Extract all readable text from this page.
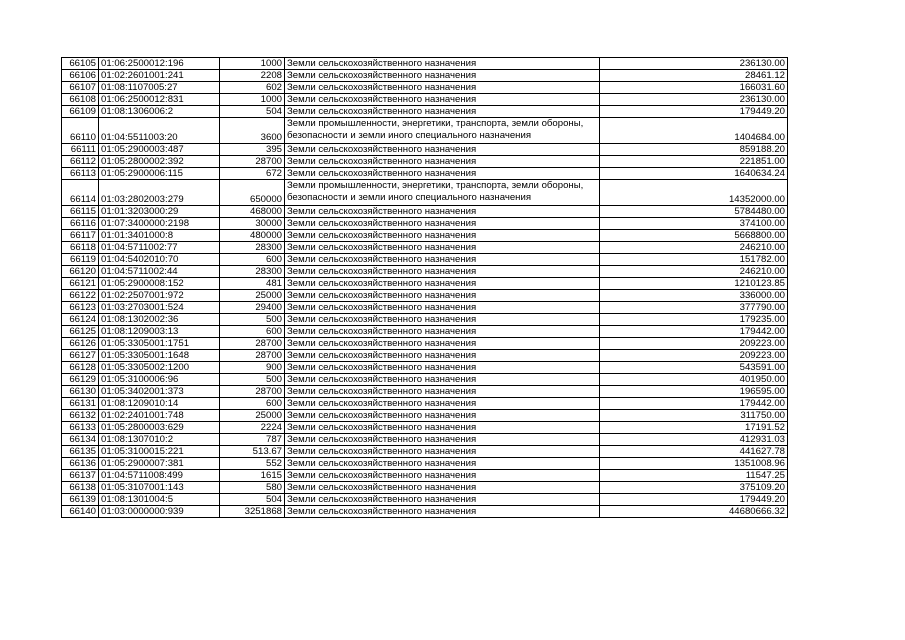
66105	01:06:2500012:196	1000	Земли сельскохозяйственного назначения	236130.00
66106	01:02:2601001:241	2208	Земли сельскохозяйственного назначения	28461.12
66107	01:08:1107005:27	602	Земли сельскохозяйственного назначения	166031.60
66108	01:06:2500012:831	1000	Земли сельскохозяйственного назначения	236130.00
66109	01:08:1306006:2	504	Земли сельскохозяйственного назначения	179449.20
66110	01:04:5511003:20	3600	Земли промышленности, энергетики, транспорта, земли обороны, безопасности и земли иного специального назначения	1404684.00
66111	01:05:2900003:487	395	Земли сельскохозяйственного назначения	859188.20
66112	01:05:2800002:392	28700	Земли сельскохозяйственного назначения	221851.00
66113	01:05:2900006:115	672	Земли сельскохозяйственного назначения	1640634.24
66114	01:03:2802003:279	650000	Земли промышленности, энергетики, транспорта, земли обороны, безопасности и земли иного специального назначения	14352000.00
66115	01:01:3203000:29	468000	Земли сельскохозяйственного назначения	5784480.00
66116	01:07:3400000:2198	30000	Земли сельскохозяйственного назначения	374100.00
66117	01:01:3401000:8	480000	Земли сельскохозяйственного назначения	5668800.00
66118	01:04:5711002:77	28300	Земли сельскохозяйственного назначения	246210.00
66119	01:04:5402010:70	600	Земли сельскохозяйственного назначения	151782.00
66120	01:04:5711002:44	28300	Земли сельскохозяйственного назначения	246210.00
66121	01:05:2900008:152	481	Земли сельскохозяйственного назначения	1210123.85
66122	01:02:2507001:972	25000	Земли сельскохозяйственного назначения	336000.00
66123	01:03:2703001:524	29400	Земли сельскохозяйственного назначения	377790.00
66124	01:08:1302002:36	500	Земли сельскохозяйственного назначения	179235.00
66125	01:08:1209003:13	600	Земли сельскохозяйственного назначения	179442.00
66126	01:05:3305001:1751	28700	Земли сельскохозяйственного назначения	209223.00
66127	01:05:3305001:1648	28700	Земли сельскохозяйственного назначения	209223.00
66128	01:05:3305002:1200	900	Земли сельскохозяйственного назначения	543591.00
66129	01:05:3100006:96	500	Земли сельскохозяйственного назначения	401950.00
66130	01:05:3402001:373	28700	Земли сельскохозяйственного назначения	196595.00
66131	01:08:1209010:14	600	Земли сельскохозяйственного назначения	179442.00
66132	01:02:2401001:748	25000	Земли сельскохозяйственного назначения	311750.00
66133	01:05:2800003:629	2224	Земли сельскохозяйственного назначения	17191.52
66134	01:08:1307010:2	787	Земли сельскохозяйственного назначения	412931.03
66135	01:05:3100015:221	513.67	Земли сельскохозяйственного назначения	441627.78
66136	01:05:2900007:381	552	Земли сельскохозяйственного назначения	1351008.96
66137	01:04:5711008:499	1615	Земли сельскохозяйственного назначения	11547.25
66138	01:05:3107001:143	580	Земли сельскохозяйственного назначения	375109.20
66139	01:08:1301004:5	504	Земли сельскохозяйственного назначения	179449.20
66140	01:03:0000000:939	3251868	Земли сельскохозяйственного назначения	44680666.32
